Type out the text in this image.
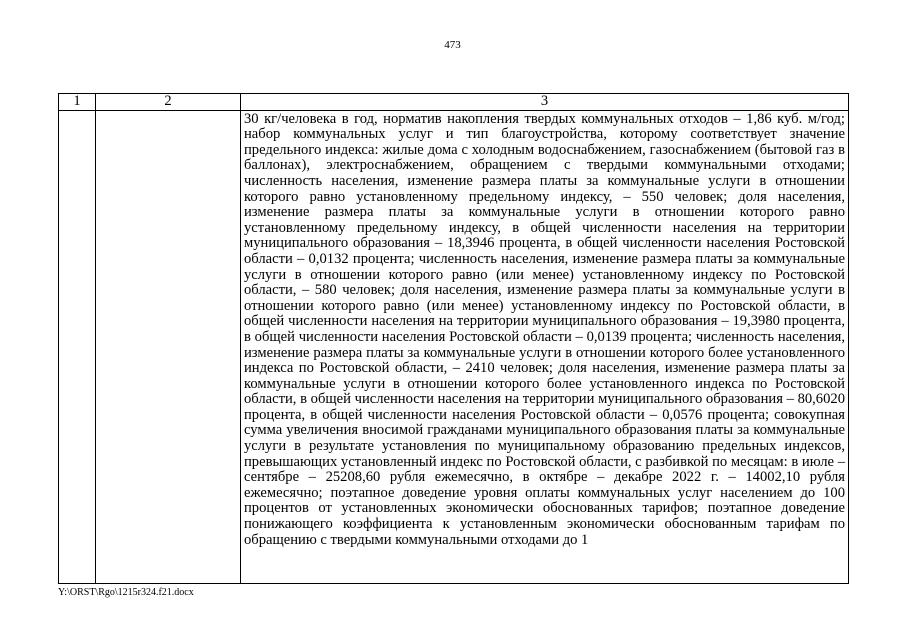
473
1	2	3
		30 кг/человека в год, норматив накопления твердых коммунальных отходов – 1,86 куб. м/год; набор коммунальных услуг и тип благоустройства, которому соответствует значение предельного индекса: жилые дома с холодным водоснабжением, газоснабжением (бытовой газ в баллонах), электроснабжением, обращением с твердыми коммунальными отходами; численность населения, изменение размера платы за коммунальные услуги в отношении которого равно установленному предельному индексу, – 550 человек; доля населения, изменение размера платы за коммунальные услуги в отношении которого равно установленному предельному индексу, в общей численности населения на территории муниципального образования – 18,3946 процента, в общей численности населения Ростовской области – 0,0132 процента; численность населения, изменение размера платы за коммунальные услуги в отношении которого равно (или менее) установленному индексу по Ростовской области, – 580 человек; доля населения, изменение размера платы за коммунальные услуги в отношении которого равно (или менее) установленному индексу по Ростовской области, в общей численности населения на территории муниципального образования – 19,3980 процента, в общей численности населения Ростовской области – 0,0139 процента; численность населения, изменение размера платы за коммунальные услуги в отношении которого более установленного индекса по Ростовской области, – 2410 человек; доля населения, изменение размера платы за коммунальные услуги в отношении которого более установленного индекса по Ростовской области, в общей численности населения на территории муниципального образования – 80,6020 процента, в общей численности населения Ростовской области – 0,0576 процента; совокупная сумма увеличения вносимой гражданами муниципального образования платы за коммунальные услуги в результате установления по муниципальному образованию предельных индексов, превышающих установленный индекс по Ростовской области, с разбивкой по месяцам: в июле – сентябре – 25208,60 рубля ежемесячно, в октябре – декабре 2022 г. – 14002,10 рубля ежемесячно; поэтапное доведение уровня оплаты коммунальных услуг населением до 100 процентов от установленных экономически обоснованных тарифов; поэтапное доведение понижающего коэффициента к установленным экономически обоснованным тарифам по обращению с твердыми коммунальными отходами до 1
Y:\ORST\Rgo\1215r324.f21.docx
